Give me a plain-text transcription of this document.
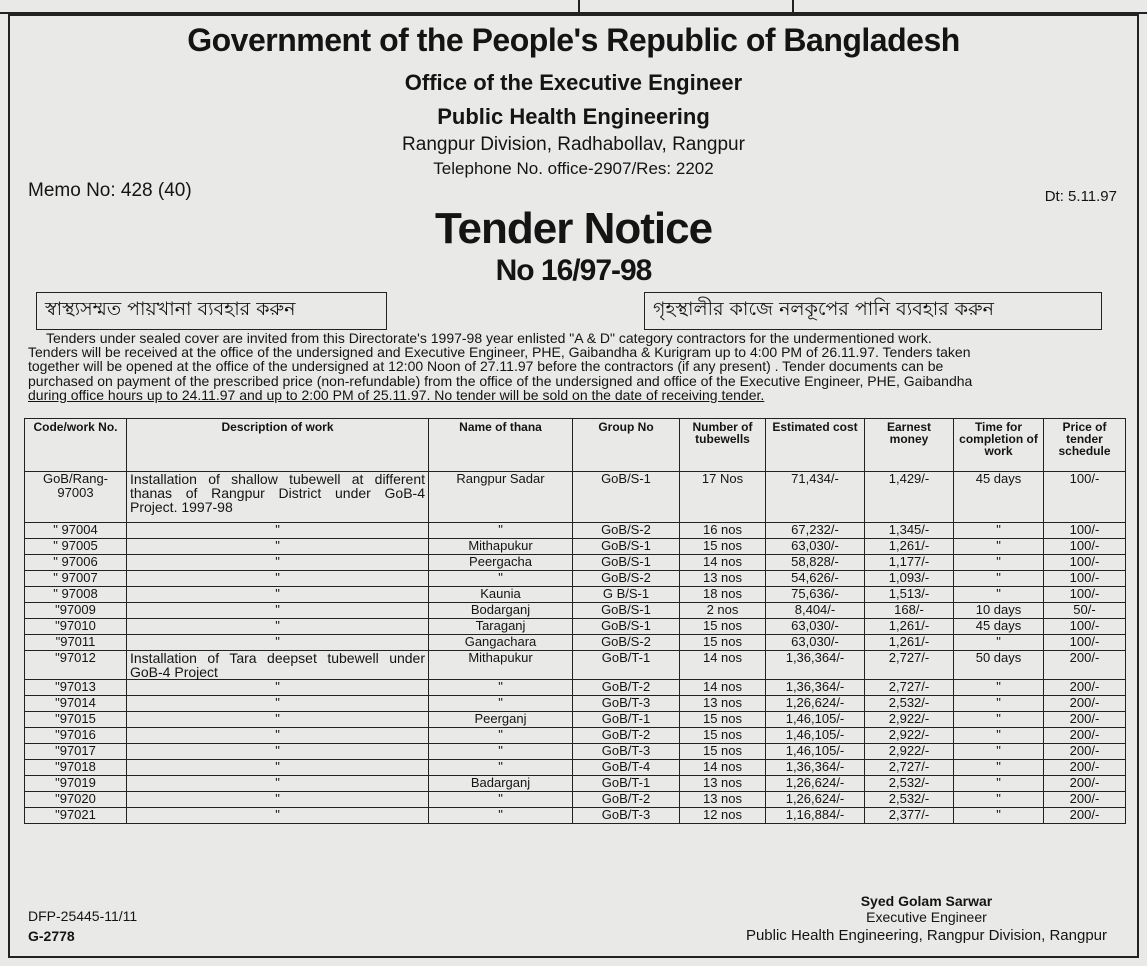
Government of the People's Republic of Bangladesh
Office of the Executive Engineer
Public Health Engineering
Rangpur Division, Radhabollav, Rangpur
Telephone No. office-2907/Res: 2202
Memo No: 428 (40)	Dt: 5.11.97
Tender Notice
No 16/97-98
স্বাস্থ্যসম্মত পায়খানা ব্যবহার করুন	গৃহস্থালীর কাজে নলকূপের পানি ব্যবহার করুন
Tenders under sealed cover are invited from this Directorate's 1997-98 year enlisted "A & D" category contractors for the undermentioned work.
Tenders will be received at the office of the undersigned and Executive Engineer, PHE, Gaibandha & Kurigram up to 4:00 PM of 26.11.97. Tenders taken
together will be opened at the office of the undersigned at 12:00 Noon of 27.11.97 before the contractors (if any present) . Tender documents can be
purchased on payment of the prescribed price (non-refundable) from the office of the undersigned and office of the Executive Engineer, PHE, Gaibandha
during office hours up to 24.11.97 and up to 2:00 PM of 25.11.97. No tender will be sold on the date of receiving tender.
Code/work No.	Description of work	Name of thana	Group No	Number of tubewells	Estimated cost	Earnest money	Time for completion of work	Price of tender schedule
GoB/Rang-97003	Installation of shallow tubewell at different thanas of Rangpur District under GoB-4 Project. 1997-98	Rangpur Sadar	GoB/S-1	17 Nos	71,434/-	1,429/-	45 days	100/-
" 97004	"	"	GoB/S-2	16 nos	67,232/-	1,345/-	"	100/-
" 97005	"	Mithapukur	GoB/S-1	15 nos	63,030/-	1,261/-	"	100/-
" 97006	"	Peergacha	GoB/S-1	14 nos	58,828/-	1,177/-	"	100/-
" 97007	"	"	GoB/S-2	13 nos	54,626/-	1,093/-	"	100/-
" 97008	"	Kaunia	G B/S-1	18 nos	75,636/-	1,513/-	"	100/-
"97009	"	Bodarganj	GoB/S-1	2 nos	8,404/-	168/-	10 days	50/-
"97010	"	Taraganj	GoB/S-1	15 nos	63,030/-	1,261/-	45 days	100/-
"97011	"	Gangachara	GoB/S-2	15 nos	63,030/-	1,261/-	"	100/-
"97012	Installation of Tara deepset tubewell under GoB-4 Project	Mithapukur	GoB/T-1	14 nos	1,36,364/-	2,727/-	50 days	200/-
"97013	"	"	GoB/T-2	14 nos	1,36,364/-	2,727/-	"	200/-
"97014	"	"	GoB/T-3	13 nos	1,26,624/-	2,532/-	"	200/-
"97015	"	Peerganj	GoB/T-1	15 nos	1,46,105/-	2,922/-	"	200/-
"97016	"	"	GoB/T-2	15 nos	1,46,105/-	2,922/-	"	200/-
"97017	"	"	GoB/T-3	15 nos	1,46,105/-	2,922/-	"	200/-
"97018	"	"	GoB/T-4	14 nos	1,36,364/-	2,727/-	"	200/-
"97019	"	Badarganj	GoB/T-1	13 nos	1,26,624/-	2,532/-	"	200/-
"97020	"	"	GoB/T-2	13 nos	1,26,624/-	2,532/-	"	200/-
"97021	"	"	GoB/T-3	12 nos	1,16,884/-	2,377/-	"	200/-
Syed Golam Sarwar
Executive Engineer
Public Health Engineering, Rangpur Division, Rangpur
DFP-25445-11/11
G-2778
